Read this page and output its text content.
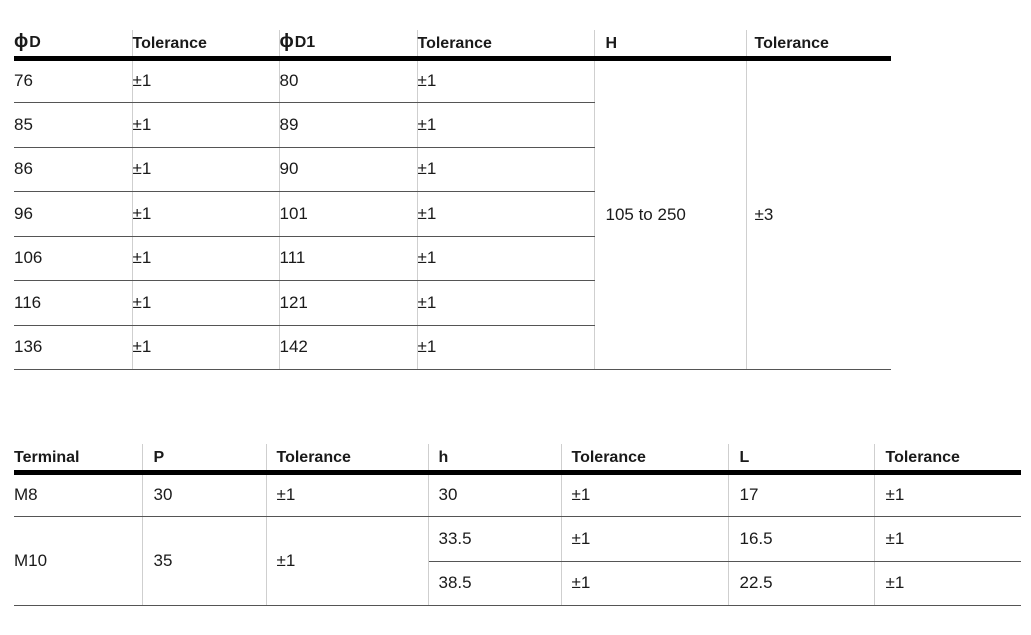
ϕD	Tolerance	ϕD1	Tolerance	H	Tolerance
76	±1	80	±1	105 to 250	±3
85	±1	89	±1		
86	±1	90	±1		
96	±1	101	±1		
106	±1	111	±1		
116	±1	121	±1		
136	±1	142	±1		
Terminal	P	Tolerance	h	Tolerance	L	Tolerance
M8	30	±1	30	±1	17	±1
M10	35	±1	33.5	±1	16.5	±1
			38.5	±1	22.5	±1
